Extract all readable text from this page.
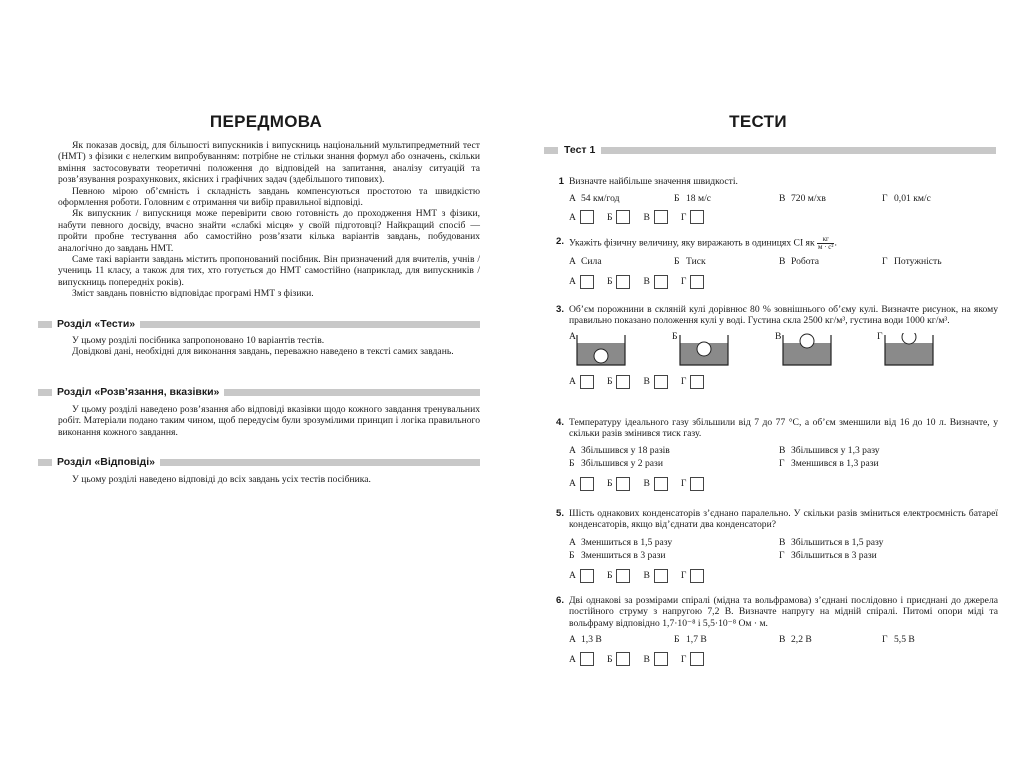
ПЕРЕДМОВА

Як показав досвід, для більшості випускників і випускниць національний мультипредметний тест (НМТ) з фізики є нелегким випробуванням: потрібне не стільки знання формул або означень, скільки вміння застосовувати теоретичні положення до відповідей на запитання, аналізу ситуацій та розв’язування розрахункових, якісних і графічних задач (здебільшого типових).

Певною мірою об’ємність і складність завдань компенсуються простотою та швидкістю оформлення роботи. Головним є отримання чи вибір правильної відповіді.

Як випускник / випускниця може перевірити свою готовність до проходження НМТ з фізики, набути певного досвіду, вчасно знайти «слабкі місця» у своїй підготовці? Найкращий спосіб — пройти пробне тестування або самостійно розв’язати кілька варіантів завдань, побудованих аналогічно до завдань НМТ.

Саме такі варіанти завдань містить пропонований посібник. Він призначений для вчителів, учнів / учениць 11 класу, а також для тих, хто готується до НМТ самостійно (наприклад, для випускників / випускниць попередніх років).

Зміст завдань повністю відповідає програмі НМТ з фізики.

Розділ «Тести»

У цьому розділі посібника запропоновано 10 варіантів тестів.

Довідкові дані, необхідні для виконання завдань, переважно наведено в тексті самих завдань.

Розділ «Розв’язання, вказівки»

У цьому розділі наведено розв’язання або відповіді вказівки щодо кожного завдання тренувальних робіт. Матеріали подано таким чином, щоб передусім були зрозумілими принцип і логіка правильного виконання кожного завдання.

Розділ «Відповіді»

У цьому розділі наведено відповіді до всіх завдань усіх тестів посібника.

ТЕСТИ
Тест 1
1 Визначте найбільше значення швидкості.
А 54 км/год	Б 18 м/с	В 720 м/хв	Г 0,01 км/с
А	Б	В	Г
2. Укажіть фізичну величину, яку виражають в одиницях СІ як $\frac{кг}{\text{м · с²}}$ .
А Сила	Б Тиск	В Робота	Г Потужність
А	Б	В	Г
3. Об’єм порожнини в скляній кулі дорівнює 80 % зовнішнього об’єму кулі. Визначте рисунок, на якому правильно показано положення кулі у воді. Густина скла 2500 кг/м³, густина води 1000 кг/м³.
А	Б	В	Г
А	Б	В	Г
4. Температуру ідеального газу збільшили від 7 до 77 °С, а об’єм зменшили від 16 до 10 л. Визначте, у скільки разів змінився тиск газу.
А Збільшився у 18 разів	В Збільшився у 1,3 разу
Б Збільшився у 2 рази	Г Зменшився в 1,3 рази
А	Б	В	Г
5. Шість однакових конденсаторів з’єднано паралельно. У скільки разів зміниться електроємність батареї конденсаторів, якщо від’єднати два конденсатори?
А Зменшиться в 1,5 разу	В Збільшиться в 1,5 разу
Б Зменшиться в 3 рази	Г Збільшиться в 3 рази
А	Б	В	Г
6. Дві однакові за розмірами спіралі (мідна та вольфрамова) з’єднані послідовно і приєднані до джерела постійного струму з напругою 7,2 В. Визначте напругу на мідній спіралі. Питомі опори міді та вольфраму відповідно 1,7·10⁻⁸ і 5,5·10⁻⁸ Ом · м.
А 1,3 В	Б 1,7 В	В 2,2 В	Г 5,5 В
А	Б	В	Г
